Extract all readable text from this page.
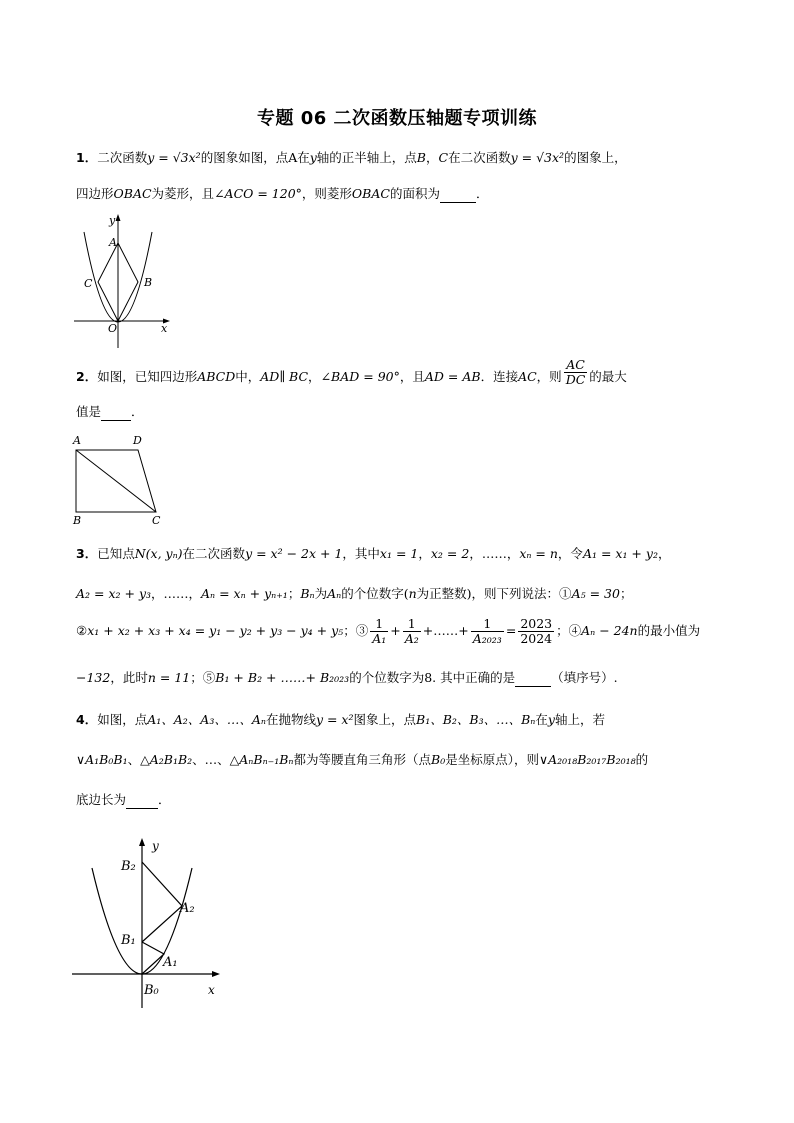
专题 06 二次函数压轴题专项训练
1．二次函数y = √3x²的图象如图，点A在y轴的正半轴上，点B，C在二次函数y = √3x²的图象上，
四边形OBAC为菱形，且∠ACO = 120°，则菱形OBAC的面积为	．
y
x
A
B
C
O
2．如图，已知四边形ABCD中，AD∥ BC，∠BAD = 90°，且AD = AB．连接AC，则 $\frac{AC}{DC}$ 的最大
值是 ．
A	D
B	C
3．已知点N(x, yₙ)在二次函数y = x² − 2x + 1，其中x₁ = 1，x₂ = 2，……，xₙ = n，令A₁ = x₁ + y₂，
A₂ = x₂ + y₃，……，Aₙ = xₙ + yₙ₊₁；Bₙ为Aₙ的个位数字(n为正整数)，则下列说法：①A₅ = 30；
②x₁ + x₂ + x₃ + x₄ = y₁ − y₂ + y₃ − y₄ + y₅；③ $\frac{1}{\text{A₁}} + \frac{1}{\text{A₂}}$ +……+ $\frac{1}{\text{A₂₀₂₃}} = \frac{2023}{2024}$ ；④Aₙ − 24n的最小值为
−132，此时n = 11；⑤B₁ + B₂ + ……+ B₂₀₂₃的个位数字为8. 其中正确的是	（填序号）.
4．如图，点A₁、A₂、A₃、…、Aₙ在抛物线y = x²图象上，点B₁、B₂、B₃、…、Bₙ在y轴上，若
∨A₁B₀B₁、△A₂B₁B₂、…、△AₙBₙ₋₁Bₙ都为等腰直角三角形（点B₀是坐标原点），则∨A₂₀₁₈B₂₀₁₇B₂₀₁₈的
底边长为	．
y
x
B₂
A₂
B₁
A₁
B₀
